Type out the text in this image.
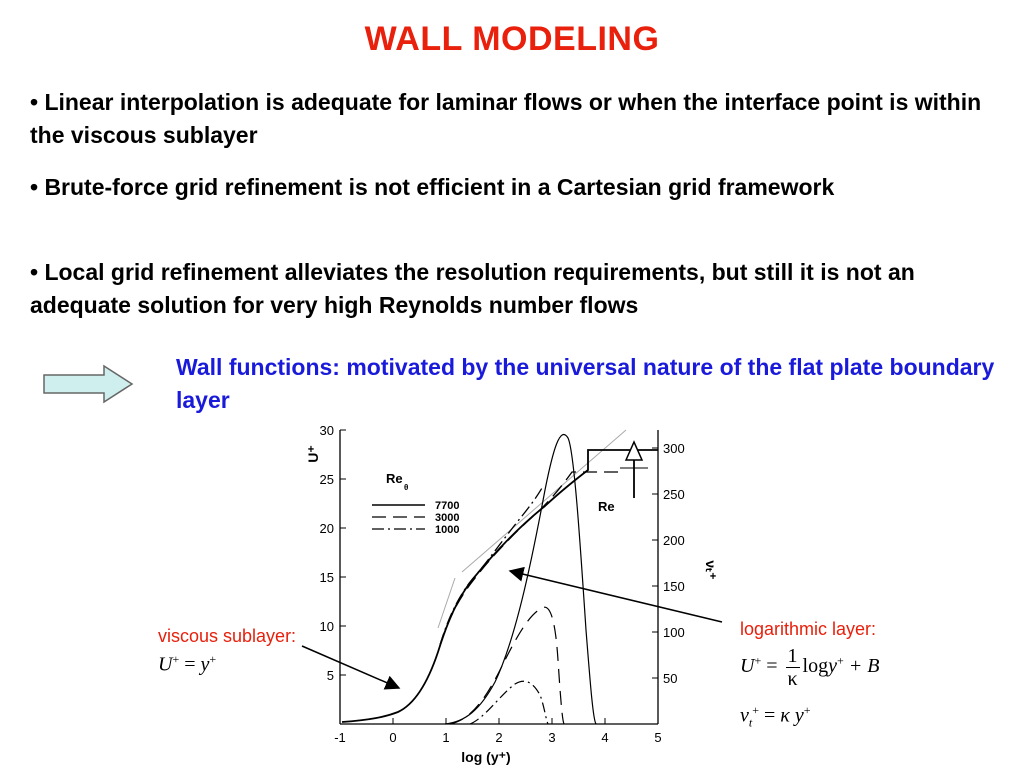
WALL MODELING
• Linear interpolation is adequate for laminar flows or when the interface point is within the viscous sublayer
• Brute-force grid refinement is not efficient in a Cartesian grid framework
• Local grid refinement alleviates the resolution requirements, but still it is not an adequate solution for very high Reynolds number flows
Wall functions: motivated by the universal nature of the flat plate boundary layer
-1	0	1	2	3	4	5
5
10
15
20
25
30
50
100
150
200
250
300
log (y⁺)
U⁺
νₜ⁺
Re
Re
θ
7700
3000
1000
viscous sublayer:
U+ = y+
logarithmic layer:
$U^+ = \frac{1}{\kappa} \log y^+ + B$
$\nu_t^+ = \kappa$ y+
